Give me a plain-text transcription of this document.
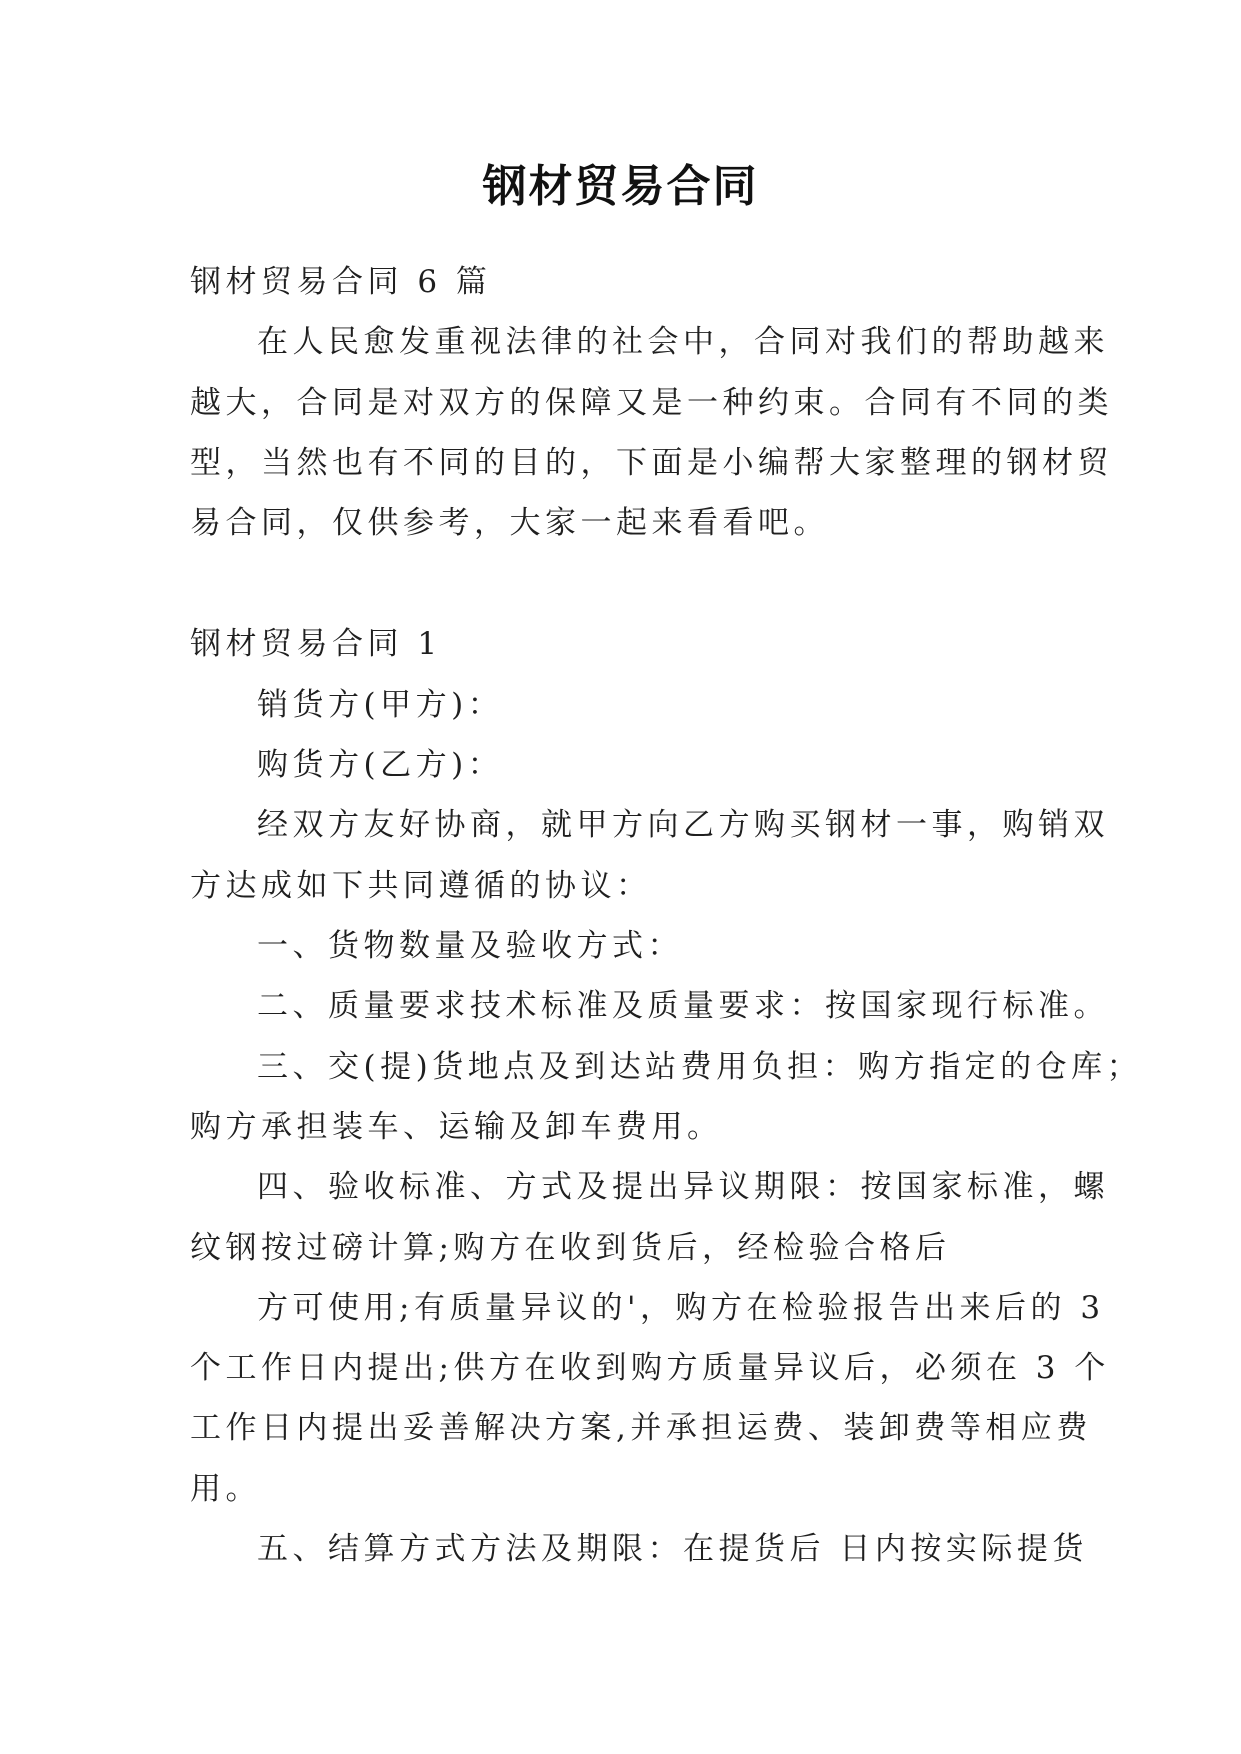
钢材贸易合同
钢材贸易合同 6 篇
在人民愈发重视法律的社会中，合同对我们的帮助越来
越大，合同是对双方的保障又是一种约束。合同有不同的类
型，当然也有不同的目的，下面是小编帮大家整理的钢材贸
易合同，仅供参考，大家一起来看看吧。
钢材贸易合同 1
销货方(甲方)：
购货方(乙方)：
经双方友好协商，就甲方向乙方购买钢材一事，购销双
方达成如下共同遵循的协议：
一、货物数量及验收方式：
二、质量要求技术标准及质量要求：按国家现行标准。
三、交(提)货地点及到达站费用负担：购方指定的仓库；
购方承担装车、运输及卸车费用。
四、验收标准、方式及提出异议期限：按国家标准，螺
纹钢按过磅计算;购方在收到货后，经检验合格后
方可使用;有质量异议的'，购方在检验报告出来后的 3
个工作日内提出;供方在收到购方质量异议后，必须在 3 个
工作日内提出妥善解决方案,并承担运费、装卸费等相应费
用。
五、结算方式方法及期限：在提货后 日内按实际提货
